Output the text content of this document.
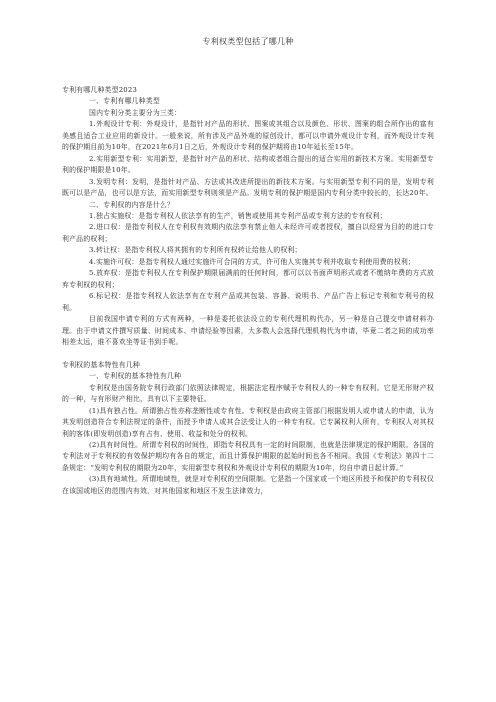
专利权类型包括了哪几种

专利有哪几种类型2023

一、专利有哪几种类型

国内专利分类主要分为三类：

1.外观设计专利：外观设计，是指针对产品的形状、图案或其组合以及颜色、形状、图案的组合所作出的富有美感且适合工业应用的新设计。一般来说，所有涉及产品外观的原创设计，都可以申请外观设计专利，而外观设计专利的保护期目前为10年，在2021年6月1日之后，外观设计专利的保护期将由10年延长至15年。

2.实用新型专利：实用新型，是指针对产品的形状、结构或者组合提出的适合实用的新技术方案。实用新型专利的保护期限是10年。

3.发明专利：发明，是指针对产品、方法或其改进所提出的新技术方案。与实用新型专利不同的是，发明专利既可以是产品，也可以是方法，而实用新型专利则须是产品。发明专利的保护期是国内专利分类中较长的，长达20年。

二、专利权的内容是什么？

1.独占实施权：是指专利权人依法享有的生产，销售或使用其专利产品或专利方法的专有权利；

2.进口权：是指专利权人在专利权有效期内依法享有禁止他人未经许可或者授权，擅自以经营为目的的进口专利产品的权利；

3.转让权：是指专利权人将其拥有的专利所有权转让给他人的权利；

4.实施许可权：是指专利权人通过实施许可合同的方式，许可他人实施其专利并收取专利使用费的权利；

5.放弃权：是指专利权人在专利保护期限届满前的任何时间，都可以以书面声明形式或者不缴纳年费的方式放弃专利权的权利；

6.标记权：是指专利权人依法享有在专利产品或其包装、容器、说明书、产品广告上标记专利和专利号的权利。

目前我国申请专利的方式有两种，一种是委托依法设立的专利代理机构代办，另一种是自己提交申请材料办理。由于申请文件撰写质量、时间成本、申请经验等因素，大多数人会选择代理机构代为申请，毕竟二者之间的成功率相差太远，谁不喜欢坐等证书到手呢。

专利权的基本特性有几种

一、专利权的基本特性有几种

专利权是由国务院专利行政部门依照法律规定，根据法定程序赋予专利权人的一种专有权利。它是无形财产权的一种，与有形财产相比，具有以下主要特征。

(1)具有独占性。所谓独占性亦称垄断性或专有性。专利权是由政府主管部门根据发明人或申请人的申请，认为其发明创造符合专利法规定的条件，而授予申请人或其合法受让人的一种专有权。它专属权利人所有，专利权人对其权利的客体(即发明创造)享有占有、使用、收益和处分的权利。

(2)具有时间性。所谓专利权的时间性，即指专利权具有一定的时间限制，也就是法律规定的保护期限。各国的专利法对于专利权的有效保护期均有各自的规定，而且计算保护期限的起始时间也各不相同。我国《专利法》第四十二条规定：“发明专利权的期限为20年，实用新型专利权和外观设计专利权的期限为10年，均自申请日起计算。”

(3)具有地域性。所谓地域性，就是对专利权的空间限制。它是指一个国家或一个地区所授予和保护的专利权仅在该国或地区的范围内有效，对其他国家和地区不发生法律效力，
